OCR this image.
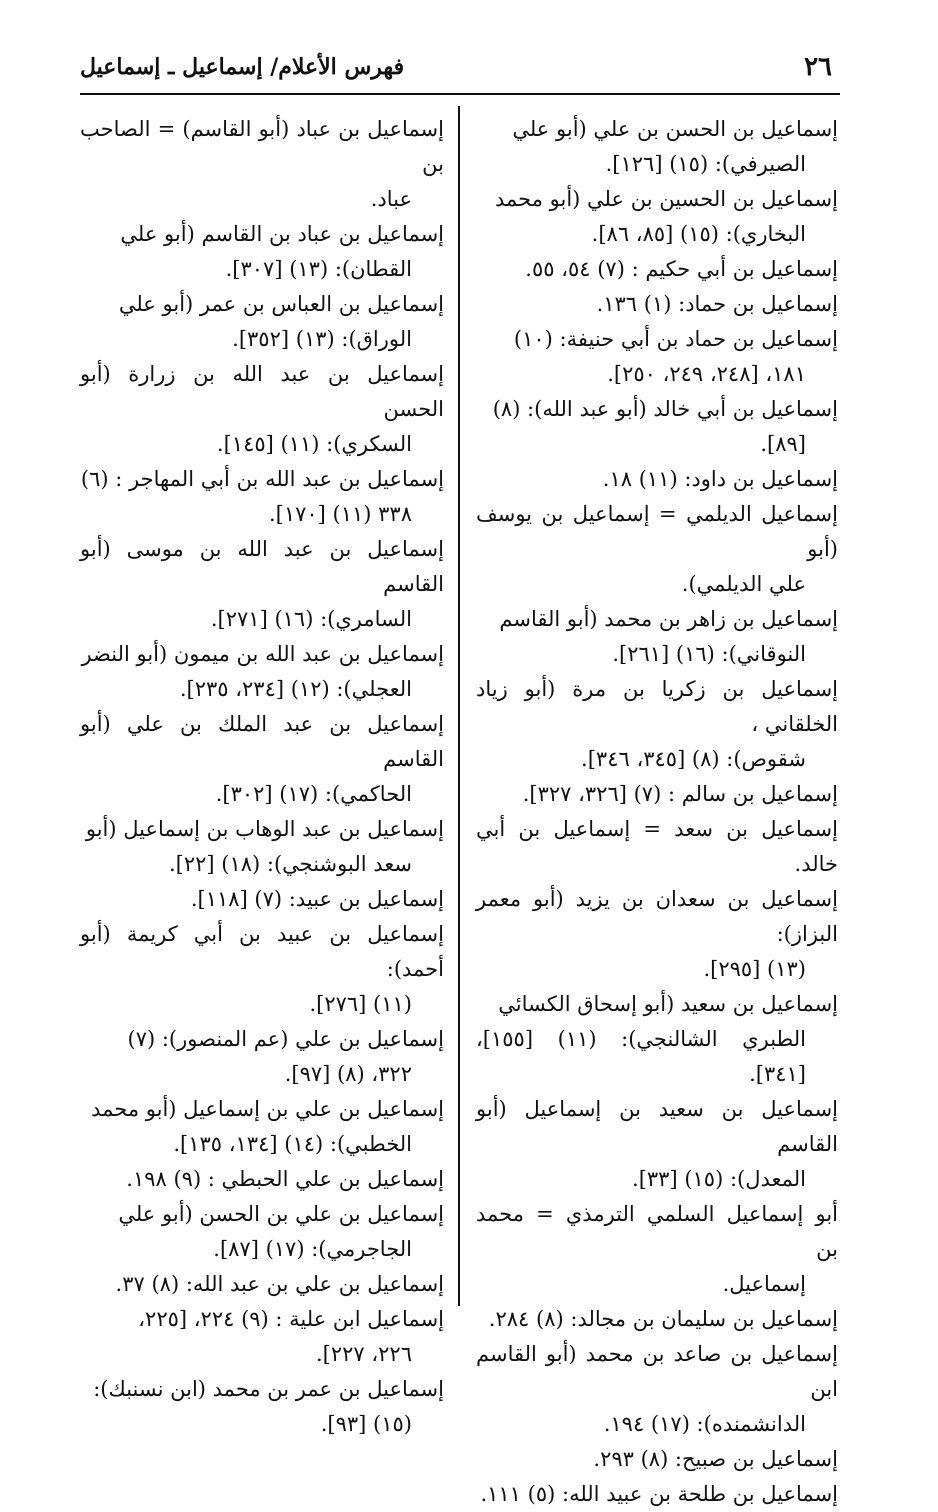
٢٦
فهرس الأعلام/ إسماعيل ـ إسماعيل
إسماعيل بن الحسن بن علي (أبو علي
الصيرفي): (١٥) [١٢٦].
إسماعيل بن الحسين بن علي (أبو محمد
البخاري): (١٥) [٨٥، ٨٦].
إسماعيل بن أبي حكيم : (٧) ٥٤، ٥٥.
إسماعيل بن حماد: (١) ١٣٦.
إسماعيل بن حماد بن أبي حنيفة: (١٠)
١٨١، [٢٤٨، ٢٤٩، ٢٥٠].
إسماعيل بن أبي خالد (أبو عبد الله): (٨)
[٨٩].
إسماعيل بن داود: (١١) ١٨.
إسماعيل الديلمي = إسماعيل بن يوسف (أبو
علي الديلمي).
إسماعيل بن زاهر بن محمد (أبو القاسم
النوقاني): (١٦) [٢٦١].
إسماعيل بن زكريا بن مرة (أبو زياد الخلقاني ،
شقوص): (٨) [٣٤٥، ٣٤٦].
إسماعيل بن سالم : (٧) [٣٢٦، ٣٢٧].
إسماعيل بن سعد = إسماعيل بن أبي خالد.
إسماعيل بن سعدان بن يزيد (أبو معمر البزاز):
(١٣) [٢٩٥].
إسماعيل بن سعيد (أبو إسحاق الكسائي
الطبري الشالنجي): (١١) [١٥٥]، [٣٤١].
إسماعيل بن سعيد بن إسماعيل (أبو القاسم
المعدل): (١٥) [٣٣].
أبو إسماعيل السلمي الترمذي = محمد بن
إسماعيل.
إسماعيل بن سليمان بن مجالد: (٨) ٢٨٤.
إسماعيل بن صاعد بن محمد (أبو القاسم ابن
الدانشمنده): (١٧) ١٩٤.
إسماعيل بن صبيح: (٨) ٢٩٣.
إسماعيل بن طلحة بن عبيد الله: (٥) ١١١.
إسماعيل بن عباد (أبو القاسم) = الصاحب بن
عباد.
إسماعيل بن عباد بن القاسم (أبو علي
القطان): (١٣) [٣٠٧].
إسماعيل بن العباس بن عمر (أبو علي
الوراق): (١٣) [٣٥٢].
إسماعيل بن عبد الله بن زرارة (أبو الحسن
السكري): (١١) [١٤٥].
إسماعيل بن عبد الله بن أبي المهاجر : (٦)
٣٣٨ (١١) [١٧٠].
إسماعيل بن عبد الله بن موسى (أبو القاسم
السامري): (١٦) [٢٧١].
إسماعيل بن عبد الله بن ميمون (أبو النضر
العجلي): (١٢) [٢٣٤، ٢٣٥].
إسماعيل بن عبد الملك بن علي (أبو القاسم
الحاكمي): (١٧) [٣٠٢].
إسماعيل بن عبد الوهاب بن إسماعيل (أبو
سعد البوشنجي): (١٨) [٢٢].
إسماعيل بن عبيد: (٧) [١١٨].
إسماعيل بن عبيد بن أبي كريمة (أبو أحمد):
(١١) [٢٧٦].
إسماعيل بن علي (عم المنصور): (٧)
٣٢٢، (٨) [٩٧].
إسماعيل بن علي بن إسماعيل (أبو محمد
الخطبي): (١٤) [١٣٤، ١٣٥].
إسماعيل بن علي الحبطي : (٩) ١٩٨.
إسماعيل بن علي بن الحسن (أبو علي
الجاجرمي): (١٧) [٨٧].
إسماعيل بن علي بن عبد الله: (٨) ٣٧.
إسماعيل ابن علية : (٩) ٢٢٤، [٢٢٥،
٢٢٦، ٢٢٧].
إسماعيل بن عمر بن محمد (ابن نسنبك):
(١٥) [٩٣].
